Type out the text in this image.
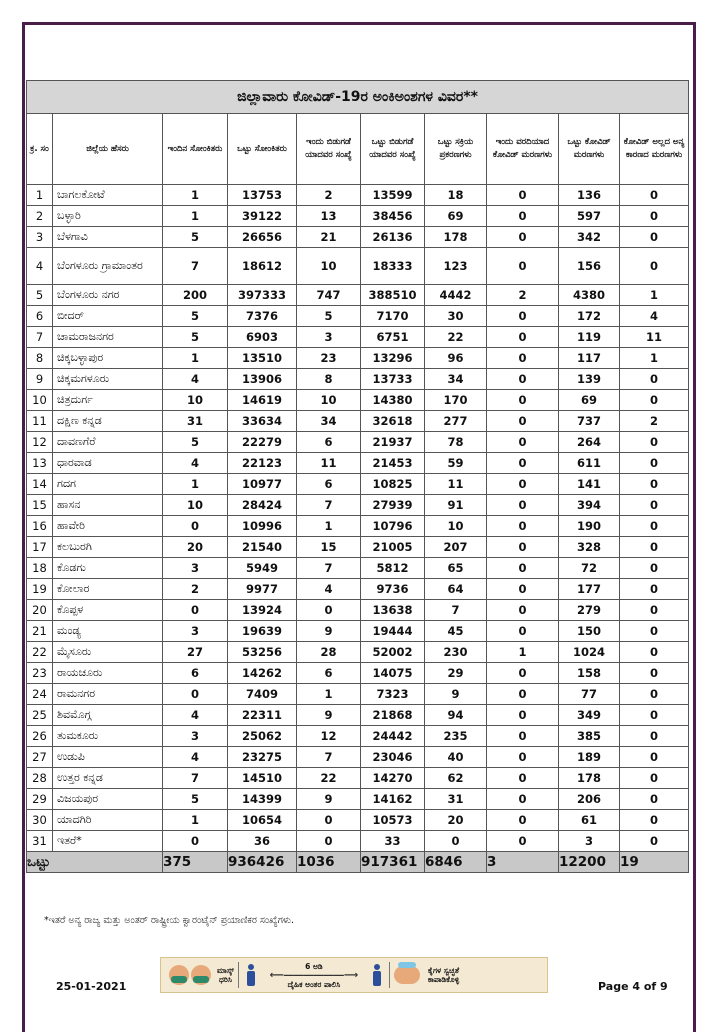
ಜಿಲ್ಲಾವಾರು ಕೋವಿಡ್-19ರ ಅಂಕಿಅಂಶಗಳ ವಿವರ**									
ಕ್ರ. ಸಂ	ಜಿಲ್ಲೆಯ ಹೆಸರು	ಇಂದಿನ ಸೋಂಕಿತರು	ಒಟ್ಟು ಸೋಂಕಿತರು	ಇಂದು ಬಿಡುಗಡೆ ಯಾದವರ ಸಂಖ್ಯೆ	ಒಟ್ಟು ಬಿಡುಗಡೆ ಯಾದವರ ಸಂಖ್ಯೆ	ಒಟ್ಟು ಸಕ್ರಿಯ ಪ್ರಕರಣಗಳು	ಇಂದು ವರದಿಯಾದ ಕೋವಿಡ್ ಮರಣಗಳು	ಒಟ್ಟು ಕೋವಿಡ್ ಮರಣಗಳು	ಕೋವಿಡ್ ಅಲ್ಲದ ಅನ್ಯ ಕಾರಣದ ಮರಣಗಳು
1	ಬಾಗಲಕೋಟೆ	1	13753	2	13599	18	0	136	0
2	ಬಳ್ಳಾರಿ	1	39122	13	38456	69	0	597	0
3	ಬೆಳಗಾವಿ	5	26656	21	26136	178	0	342	0
4	ಬೆಂಗಳೂರು ಗ್ರಾಮಾಂತರ	7	18612	10	18333	123	0	156	0
5	ಬೆಂಗಳೂರು ನಗರ	200	397333	747	388510	4442	2	4380	1
6	ಬೀದರ್	5	7376	5	7170	30	0	172	4
7	ಚಾಮರಾಜನಗರ	5	6903	3	6751	22	0	119	11
8	ಚಿಕ್ಕಬಳ್ಳಾಪುರ	1	13510	23	13296	96	0	117	1
9	ಚಿಕ್ಕಮಗಳೂರು	4	13906	8	13733	34	0	139	0
10	ಚಿತ್ರದುರ್ಗ	10	14619	10	14380	170	0	69	0
11	ದಕ್ಷಿಣ ಕನ್ನಡ	31	33634	34	32618	277	0	737	2
12	ದಾವಣಗೆರೆ	5	22279	6	21937	78	0	264	0
13	ಧಾರವಾಡ	4	22123	11	21453	59	0	611	0
14	ಗದಗ	1	10977	6	10825	11	0	141	0
15	ಹಾಸನ	10	28424	7	27939	91	0	394	0
16	ಹಾವೇರಿ	0	10996	1	10796	10	0	190	0
17	ಕಲಬುರಗಿ	20	21540	15	21005	207	0	328	0
18	ಕೊಡಗು	3	5949	7	5812	65	0	72	0
19	ಕೋಲಾರ	2	9977	4	9736	64	0	177	0
20	ಕೊಪ್ಪಳ	0	13924	0	13638	7	0	279	0
21	ಮಂಡ್ಯ	3	19639	9	19444	45	0	150	0
22	ಮೈಸೂರು	27	53256	28	52002	230	1	1024	0
23	ರಾಯಚೂರು	6	14262	6	14075	29	0	158	0
24	ರಾಮನಗರ	0	7409	1	7323	9	0	77	0
25	ಶಿವಮೊಗ್ಗ	4	22311	9	21868	94	0	349	0
26	ತುಮಕೂರು	3	25062	12	24442	235	0	385	0
27	ಉಡುಪಿ	4	23275	7	23046	40	0	189	0
28	ಉತ್ತರ ಕನ್ನಡ	7	14510	22	14270	62	0	178	0
29	ವಿಜಯಪುರ	5	14399	9	14162	31	0	206	0
30	ಯಾದಗಿರಿ	1	10654	0	10573	20	0	61	0
31	ಇತರೆ*	0	36	0	33	0	0	3	0
ಒಟ್ಟು		375	936426	1036	917361	6846	3	12200	19
*ಇತರೆ ಅನ್ಯ ರಾಜ್ಯ ಮತ್ತು ಅಂತರ್ ರಾಷ್ಟ್ರೀಯ ಕ್ವಾರಂಟೈನ್ ಪ್ರಯಾಣಿಕರ ಸಂಖ್ಯೆಗಳು.
25-01-2021
ಮಾಸ್ಕ್
ಧರಿಸಿ
6 ಅಡಿ
⟵――――――⟶
ದೈಹಿಕ ಅಂತರ ಪಾಲಿಸಿ
ಕೈಗಳ ಸ್ವಚ್ಛತೆ
ಕಾಪಾಡಿಕೊಳ್ಳಿ
Page 4 of 9
